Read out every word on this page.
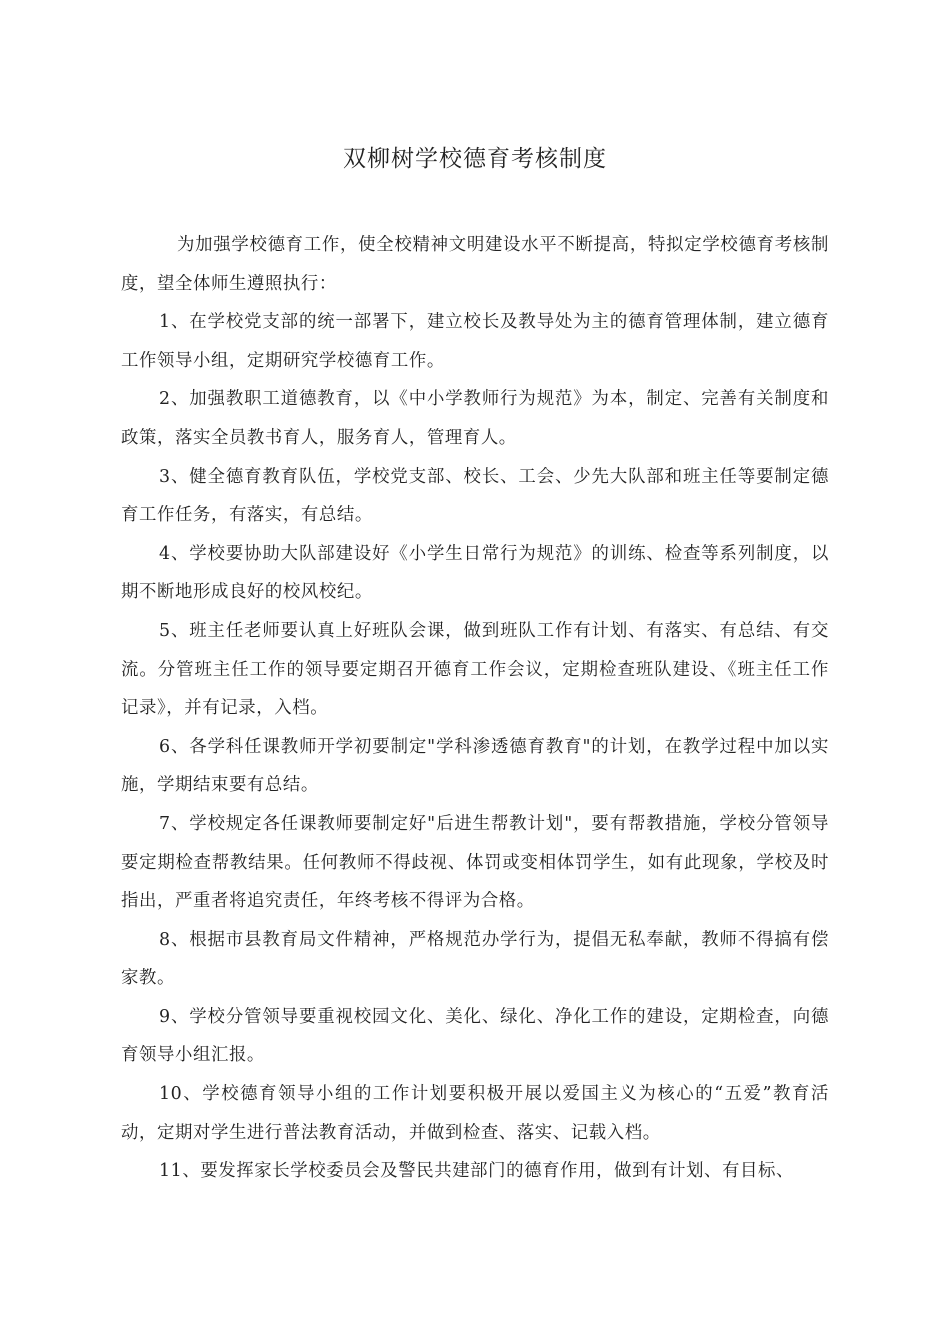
双柳树学校德育考核制度

为加强学校德育工作，使全校精神文明建设水平不断提高，特拟定学校德育考核制度，望全体师生遵照执行：

1、在学校党支部的统一部署下，建立校长及教导处为主的德育管理体制，建立德育工作领导小组，定期研究学校德育工作。

2、加强教职工道德教育，以《中小学教师行为规范》为本，制定、完善有关制度和政策，落实全员教书育人，服务育人，管理育人。

3、健全德育教育队伍，学校党支部、校长、工会、少先大队部和班主任等要制定德育工作任务，有落实，有总结。

4、学校要协助大队部建设好《小学生日常行为规范》的训练、检查等系列制度，以期不断地形成良好的校风校纪。

5、班主任老师要认真上好班队会课，做到班队工作有计划、有落实、有总结、有交流。分管班主任工作的领导要定期召开德育工作会议，定期检查班队建设、《班主任工作记录》，并有记录，入档。

6、各学科任课教师开学初要制定"学科渗透德育教育"的计划，在教学过程中加以实施，学期结束要有总结。

7、学校规定各任课教师要制定好"后进生帮教计划"，要有帮教措施，学校分管领导要定期检查帮教结果。任何教师不得歧视、体罚或变相体罚学生，如有此现象，学校及时指出，严重者将追究责任，年终考核不得评为合格。

8、根据市县教育局文件精神，严格规范办学行为，提倡无私奉献，教师不得搞有偿家教。

9、学校分管领导要重视校园文化、美化、绿化、净化工作的建设，定期检查，向德育领导小组汇报。

10、学校德育领导小组的工作计划要积极开展以爱国主义为核心的“五爱”教育活动，定期对学生进行普法教育活动，并做到检查、落实、记载入档。

11、要发挥家长学校委员会及警民共建部门的德育作用，做到有计划、有目标、
